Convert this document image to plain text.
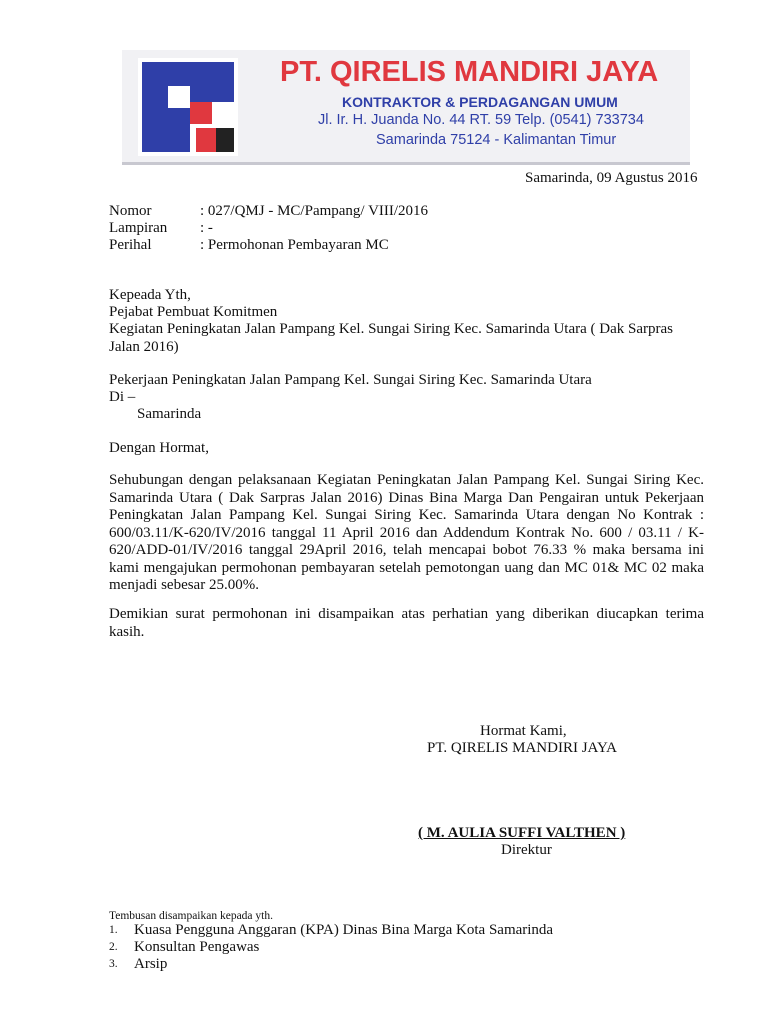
PT. QIRELIS MANDIRI JAYA
KONTRAKTOR & PERDAGANGAN UMUM
Jl. Ir. H. Juanda No. 44 RT. 59 Telp. (0541) 733734
Samarinda 75124 - Kalimantan Timur
Samarinda, 09 Agustus 2016
Nomor	: 027/QMJ - MC/Pampang/ VIII/2016
Lampiran : -
Perihal	: Permohonan Pembayaran MC
Kepeada Yth,
Pejabat Pembuat Komitmen
Kegiatan Peningkatan Jalan Pampang Kel. Sungai Siring Kec. Samarinda Utara ( Dak Sarpras Jalan 2016)
Pekerjaan Peningkatan Jalan Pampang Kel. Sungai Siring Kec. Samarinda Utara
Di –
Samarinda
Dengan Hormat,
Sehubungan dengan pelaksanaan Kegiatan Peningkatan Jalan Pampang Kel. Sungai Siring Kec. Samarinda Utara ( Dak Sarpras Jalan 2016) Dinas Bina Marga Dan Pengairan untuk Pekerjaan Peningkatan Jalan Pampang Kel. Sungai Siring Kec. Samarinda Utara dengan No Kontrak : 600/03.11/K-620/IV/2016 tanggal 11 April 2016 dan Addendum Kontrak No. 600 / 03.11 / K-620/ADD-01/IV/2016 tanggal 29April 2016, telah mencapai bobot 76.33 % maka bersama ini kami mengajukan permohonan pembayaran setelah pemotongan uang dan MC 01& MC 02 maka menjadi sebesar 25.00%.
Demikian surat permohonan ini disampaikan atas perhatian yang diberikan diucapkan terima kasih.
Hormat Kami,
PT. QIRELIS MANDIRI JAYA
( M. AULIA SUFFI VALTHEN )
Direktur
Tembusan disampaikan kepada yth.
1. Kuasa Pengguna Anggaran (KPA) Dinas Bina Marga Kota Samarinda
2. Konsultan Pengawas
3. Arsip
